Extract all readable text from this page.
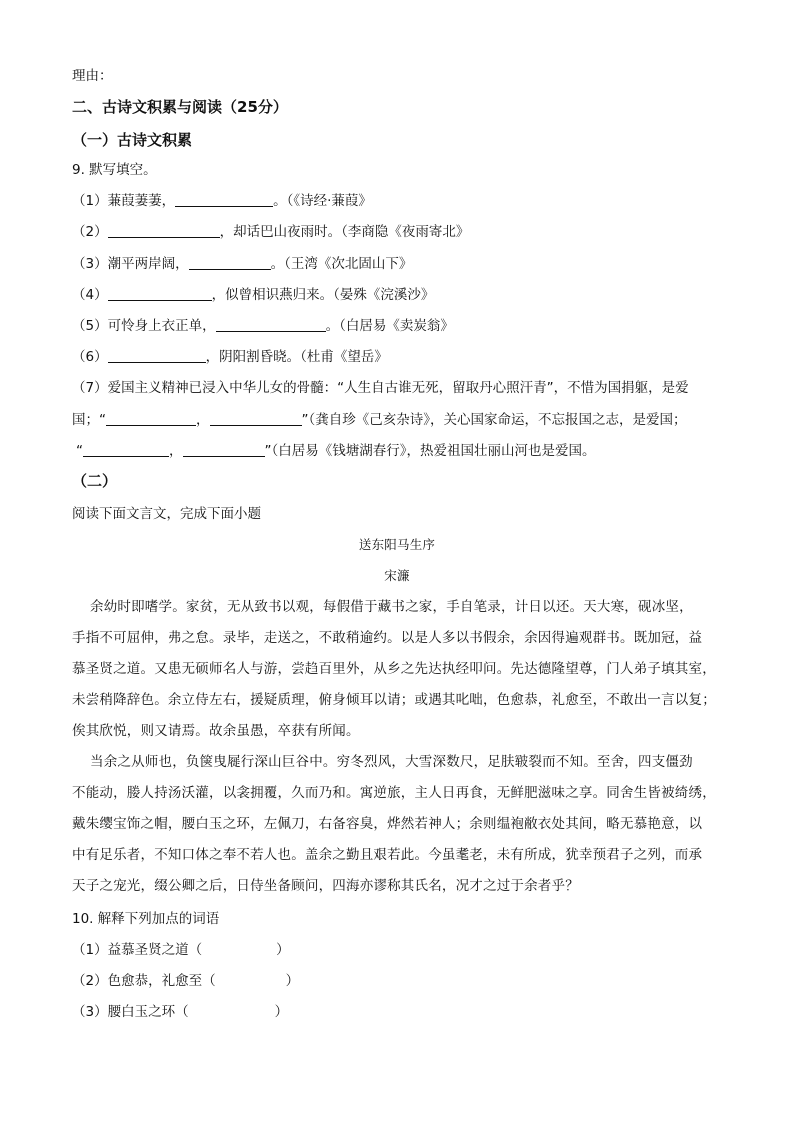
理由：
二、古诗文积累与阅读（25分）
（一）古诗文积累
9. 默写填空。
（1）蒹葭萋萋，	。（《诗经·蒹葭》
（2）	，却话巴山夜雨时。（李商隐《夜雨寄北》
（3）潮平两岸阔，	。（王湾《次北固山下》
（4）	，似曾相识燕归来。（晏殊《浣溪沙》
（5）可怜身上衣正单，	。（白居易《卖炭翁》
（6）	，阴阳割昏晓。（杜甫《望岳》
（7）爱国主义精神已浸入中华儿女的骨髓：“人生自古谁无死，留取丹心照汗青”，不惜为国捐躯，是爱
国；“	，	”（龚自珍《己亥杂诗》，关心国家命运，不忘报国之志，是爱国；
“	，	”（白居易《钱塘湖春行》，热爱祖国壮丽山河也是爱国。
（二）
阅读下面文言文，完成下面小题
送东阳马生序
宋濂
余幼时即嗜学。家贫，无从致书以观，每假借于藏书之家，手自笔录，计日以还。天大寒，砚冰坚，
手指不可屈伸，弗之怠。录毕，走送之，不敢稍逾约。以是人多以书假余，余因得遍观群书。既加冠，益
慕圣贤之道。又患无硕师名人与游，尝趋百里外，从乡之先达执经叩问。先达德隆望尊，门人弟子填其室，
未尝稍降辞色。余立侍左右，援疑质理，俯身倾耳以请；或遇其叱咄，色愈恭，礼愈至，不敢出一言以复；
俟其欣悦，则又请焉。故余虽愚，卒获有所闻。
当余之从师也，负箧曳屣行深山巨谷中。穷冬烈风，大雪深数尺，足肤皲裂而不知。至舍，四支僵劲
不能动，媵人持汤沃灌，以衾拥覆，久而乃和。寓逆旅，主人日再食，无鲜肥滋味之享。同舍生皆被绮绣，
戴朱缨宝饰之帽，腰白玉之环，左佩刀，右备容臭，烨然若神人；余则缊袍敝衣处其间，略无慕艳意，以
中有足乐者，不知口体之奉不若人也。盖余之勤且艰若此。今虽耄老，未有所成，犹幸预君子之列，而承
天子之宠光，缀公卿之后，日侍坐备顾问，四海亦谬称其氏名，况才之过于余者乎？
10. 解释下列加点的词语
（1）益慕圣贤之道（	）
（2）色愈恭，礼愈至（	）
（3）腰白玉之环（	）
